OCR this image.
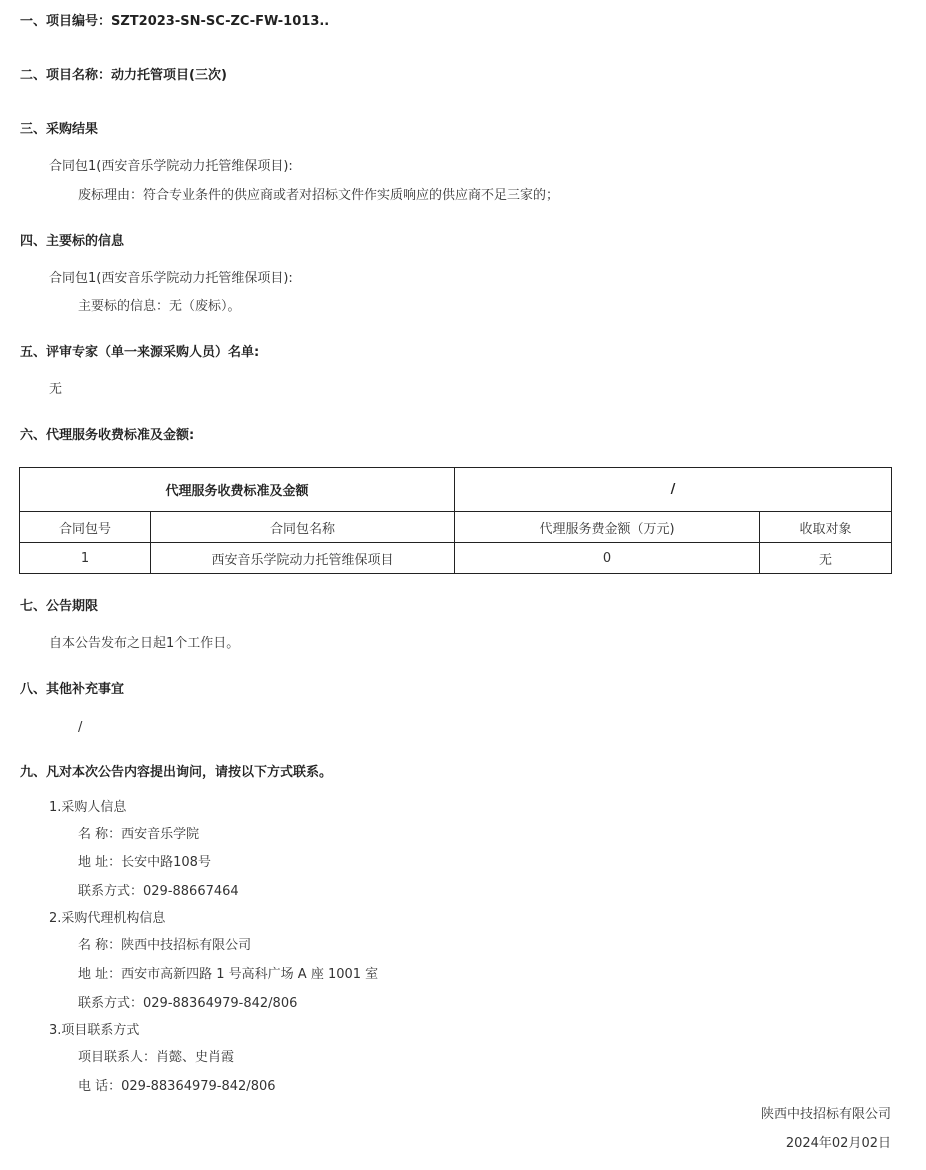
一、项目编号：SZT2023-SN-SC-ZC-FW-1013..
二、项目名称：动力托管项目(三次)
三、采购结果
合同包1(西安音乐学院动力托管维保项目):
废标理由：符合专业条件的供应商或者对招标文件作实质响应的供应商不足三家的；
四、主要标的信息
合同包1(西安音乐学院动力托管维保项目):
主要标的信息：无（废标）。
五、评审专家（单一来源采购人员）名单:
无
六、代理服务收费标准及金额:
代理服务收费标准及金额		/	
合同包号	合同包名称	代理服务费金额（万元)	收取对象
1	西安音乐学院动力托管维保项目	0	无
七、公告期限
自本公告发布之日起1个工作日。
八、其他补充事宜
/
九、凡对本次公告内容提出询问，请按以下方式联系。
1.采购人信息
名 称：西安音乐学院
地 址：长安中路108号
联系方式：029-88667464
2.采购代理机构信息
名 称：陕西中技招标有限公司
地 址：西安市高新四路 1 号高科广场 A 座 1001 室
联系方式：029-88364979-842/806
3.项目联系方式
项目联系人：肖懿、史肖霞
电 话：029-88364979-842/806
陕西中技招标有限公司
2024年02月02日
